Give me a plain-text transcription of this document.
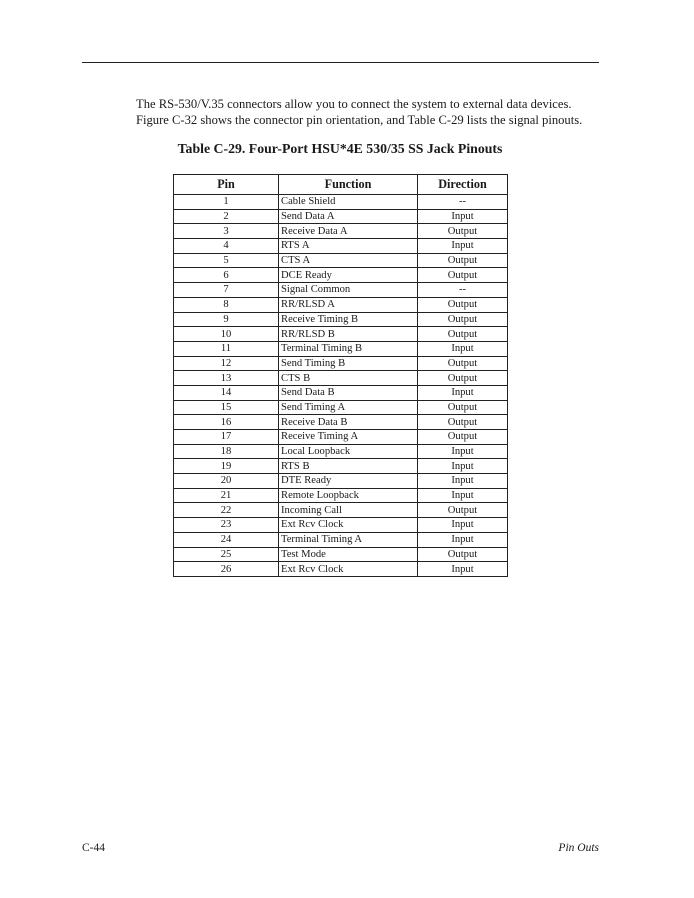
The RS-530/V.35 connectors allow you to connect the system to external data devices. Figure C-32 shows the connector pin orientation, and Table C-29 lists the signal pinouts.

Table C-29. Four-Port HSU*4E 530/35 SS Jack Pinouts

Pin	Function	Direction
1	Cable Shield	--
2	Send Data A	Input
3	Receive Data A	Output
4	RTS A	Input
5	CTS A	Output
6	DCE Ready	Output
7	Signal Common	--
8	RR/RLSD A	Output
9	Receive Timing B	Output
10	RR/RLSD B	Output
11	Terminal Timing B	Input
12	Send Timing B	Output
13	CTS B	Output
14	Send Data B	Input
15	Send Timing A	Output
16	Receive Data B	Output
17	Receive Timing A	Output
18	Local Loopback	Input
19	RTS B	Input
20	DTE Ready	Input
21	Remote Loopback	Input
22	Incoming Call	Output
23	Ext Rcv Clock	Input
24	Terminal Timing A	Input
25	Test Mode	Output
26	Ext Rcv Clock	Input
C-44	Pin Outs
